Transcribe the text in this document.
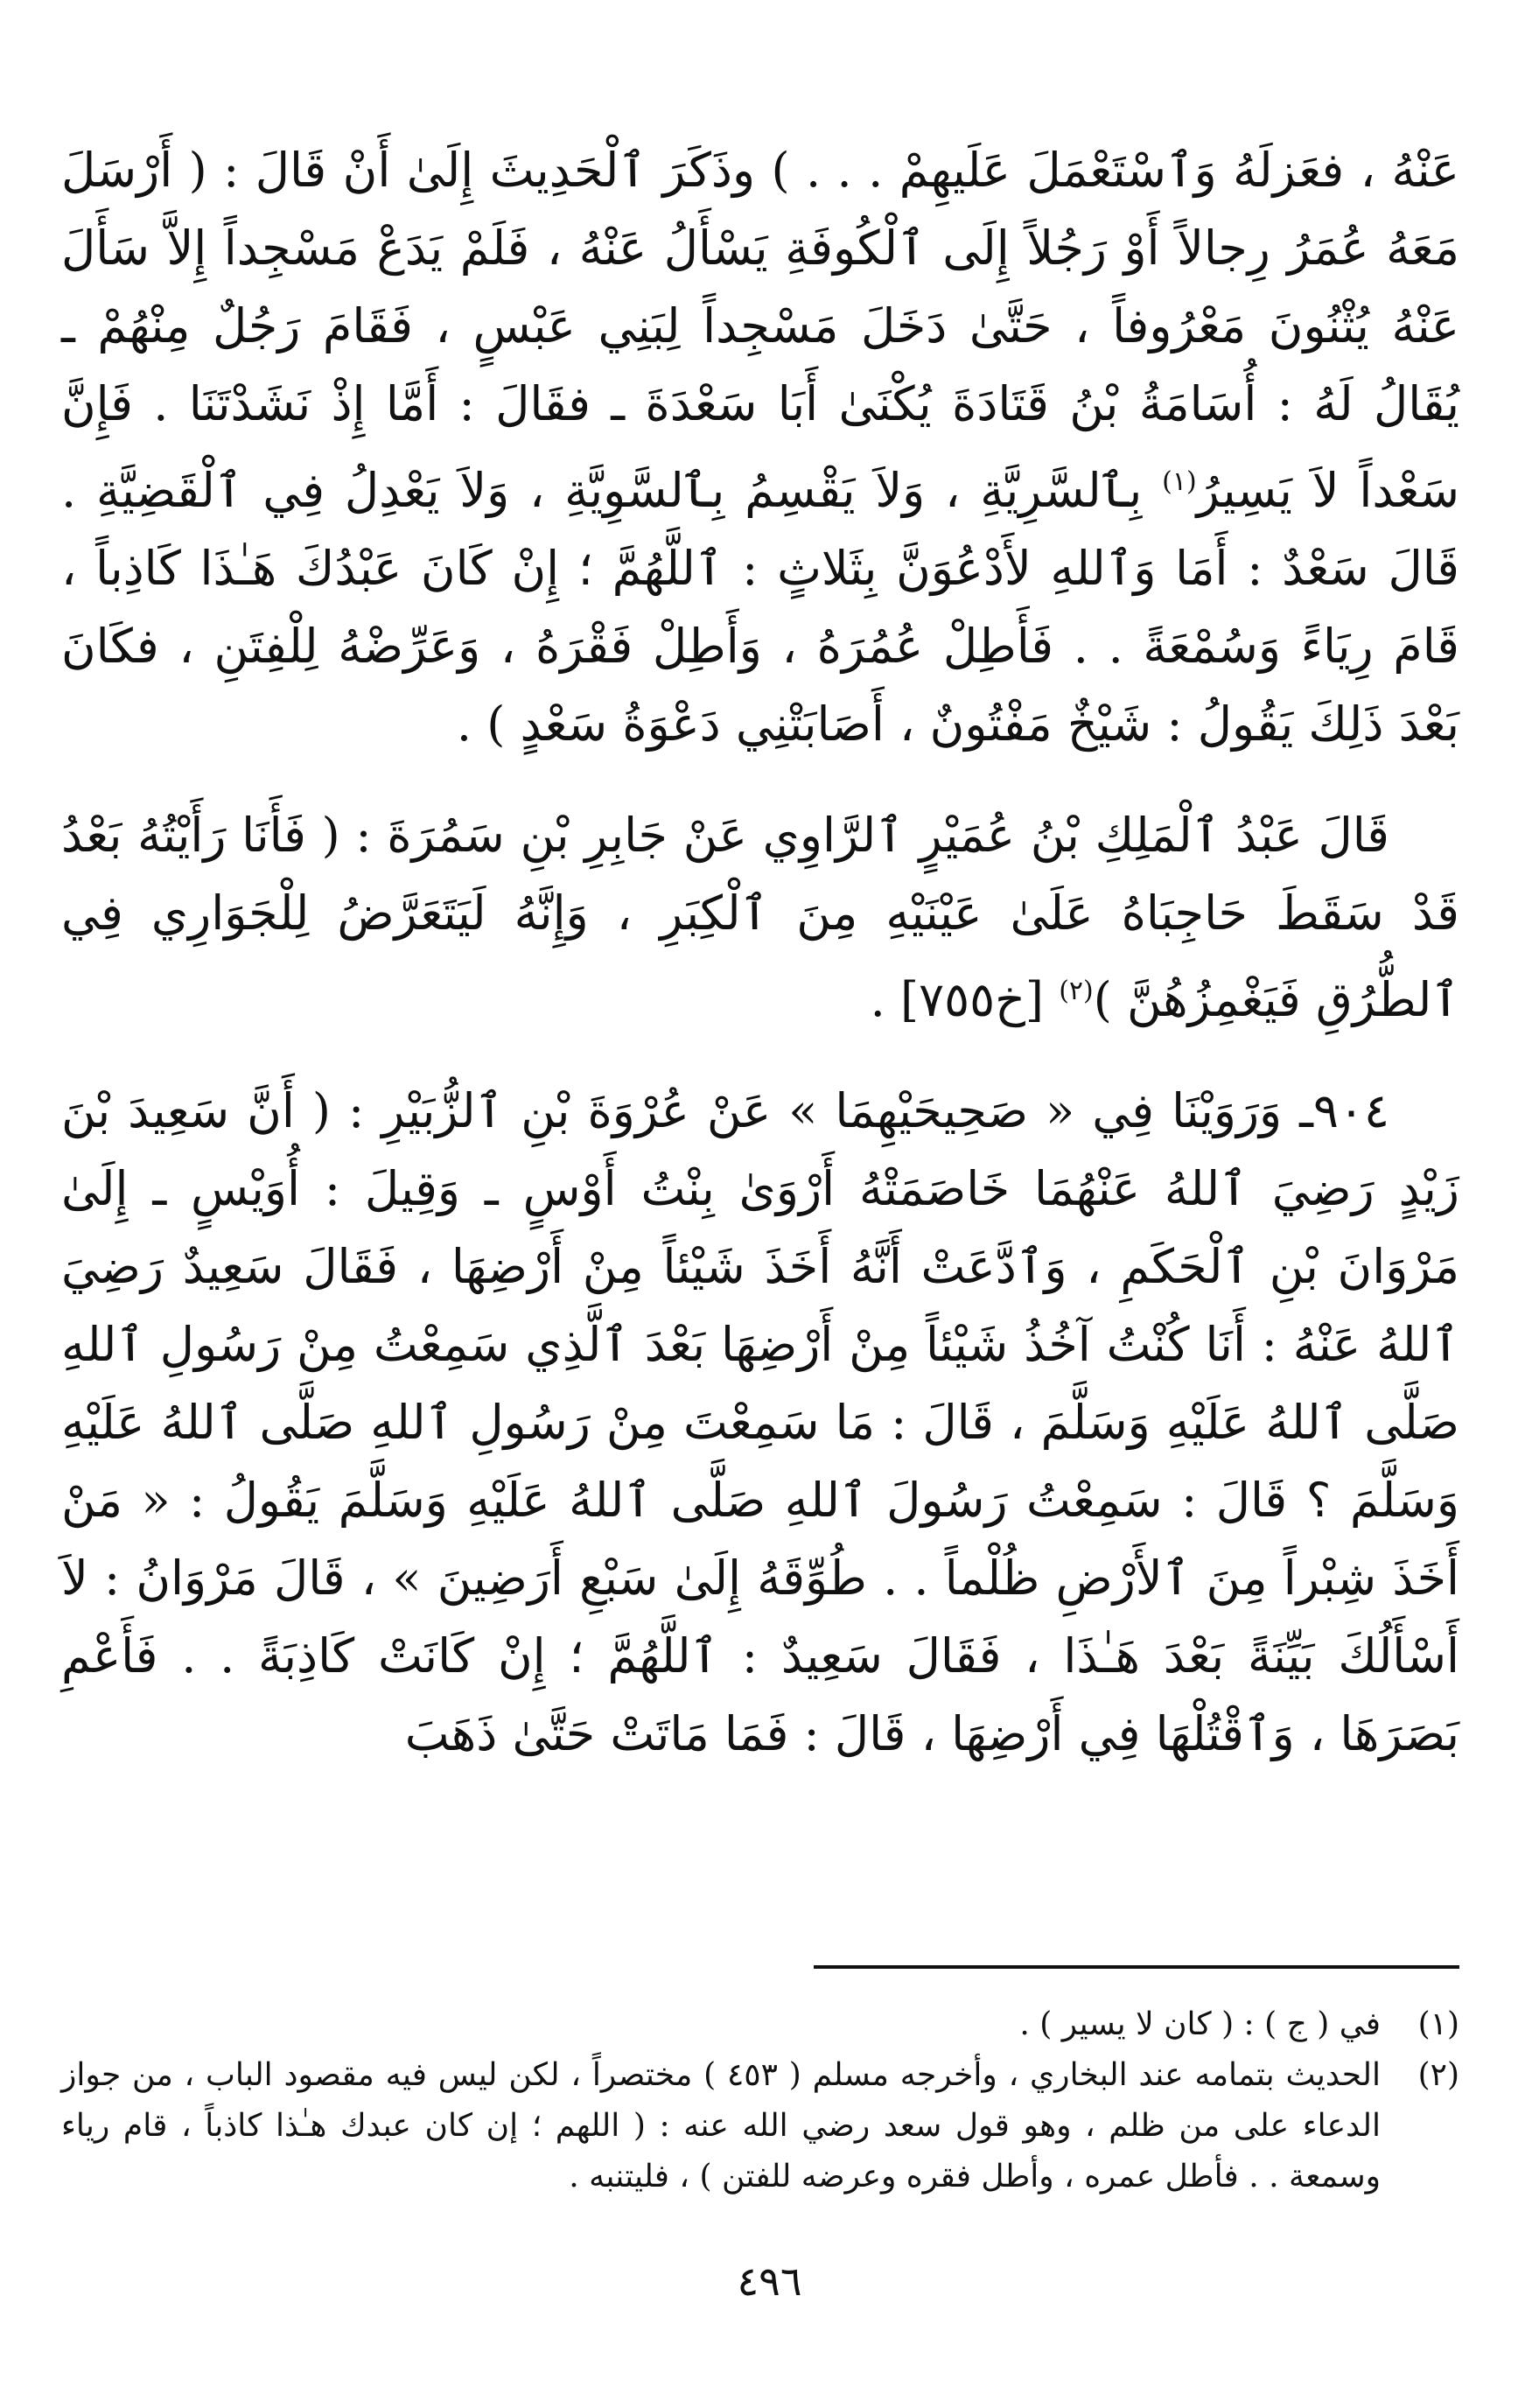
عَنْهُ ، فعَزلَهُ وَٱسْتَعْمَلَ عَلَيهِمْ . . . ) وذَكَرَ ٱلْحَدِيثَ إِلَىٰ أَنْ قَالَ : ( أَرْسَلَ مَعَهُ عُمَرُ رِجالاً أَوْ رَجُلاً إِلَى ٱلْكُوفَةِ يَسْأَلُ عَنْهُ ، فَلَمْ يَدَعْ مَسْجِداً إِلاَّ سَأَلَ عَنْهُ يُثْنُونَ مَعْرُوفاً ، حَتَّىٰ دَخَلَ مَسْجِداً لِبَنِي عَبْسٍ ، فَقَامَ رَجُلٌ مِنْهُمْ ـ يُقَالُ لَهُ : أُسَامَةُ بْنُ قَتَادَةَ يُكْنَىٰ أَبَا سَعْدَةَ ـ فقَالَ : أَمَّا إِذْ نَشَدْتَنَا . فَإِنَّ سَعْداً لاَ يَسِيرُ$^{(١)}$ بِٱلسَّرِيَّةِ ، وَلاَ يَقْسِمُ بِٱلسَّوِيَّةِ ، وَلاَ يَعْدِلُ فِي ٱلْقَضِيَّةِ . قَالَ سَعْدٌ : أَمَا وَٱللهِ لأَدْعُوَنَّ بِثَلاثٍ : ٱللَّهُمَّ ؛ إِنْ كَانَ عَبْدُكَ هَـٰذَا كَاذِباً ، قَامَ رِيَاءً وَسُمْعَةً . . فَأَطِلْ عُمُرَهُ ، وَأَطِلْ فَقْرَهُ ، وَعَرِّضْهُ لِلْفِتَنِ ، فكَانَ بَعْدَ ذَلِكَ يَقُولُ : شَيْخٌ مَفْتُونٌ ، أَصَابَتْنِي دَعْوَةُ سَعْدٍ ) .

قَالَ عَبْدُ ٱلْمَلِكِ بْنُ عُمَيْرٍ ٱلرَّاوِي عَنْ جَابِرِ بْنِ سَمُرَةَ : ( فَأَنَا رَأَيْتُهُ بَعْدُ قَدْ سَقَطَ حَاجِبَاهُ عَلَىٰ عَيْنَيْهِ مِنَ ٱلْكِبَرِ ، وَإِنَّهُ لَيَتَعَرَّضُ لِلْجَوَارِي فِي ٱلطُّرُقِ فَيَغْمِزُهُنَّ )$^{(٢)}$ [خ٧٥٥] .

٩٠٤ـ وَرَوَيْنَا فِي « صَحِيحَيْهِمَا » عَنْ عُرْوَةَ بْنِ ٱلزُّبَيْرِ : ( أَنَّ سَعِيدَ بْنَ زَيْدٍ رَضِيَ ٱللهُ عَنْهُمَا خَاصَمَتْهُ أَرْوَىٰ بِنْتُ أَوْسٍ ـ وَقِيلَ : أُوَيْسٍ ـ إِلَىٰ مَرْوَانَ بْنِ ٱلْحَكَمِ ، وَٱدَّعَتْ أَنَّهُ أَخَذَ شَيْئاً مِنْ أَرْضِهَا ، فَقَالَ سَعِيدٌ رَضِيَ ٱللهُ عَنْهُ : أَنَا كُنْتُ آخُذُ شَيْئاً مِنْ أَرْضِهَا بَعْدَ ٱلَّذِي سَمِعْتُ مِنْ رَسُولِ ٱللهِ صَلَّى ٱللهُ عَلَيْهِ وَسَلَّمَ ، قَالَ : مَا سَمِعْتَ مِنْ رَسُولِ ٱللهِ صَلَّى ٱللهُ عَلَيْهِ وَسَلَّمَ ؟ قَالَ : سَمِعْتُ رَسُولَ ٱللهِ صَلَّى ٱللهُ عَلَيْهِ وَسَلَّمَ يَقُولُ : « مَنْ أَخَذَ شِبْراً مِنَ ٱلأَرْضِ ظُلْماً . . طُوِّقَهُ إِلَىٰ سَبْعِ أَرَضِينَ » ، قَالَ مَرْوَانُ : لاَ أَسْأَلُكَ بَيِّنَةً بَعْدَ هَـٰذَا ، فَقَالَ سَعِيدٌ : ٱللَّهُمَّ ؛ إِنْ كَانَتْ كَاذِبَةً . . فَأَعْمِ بَصَرَهَا ، وَٱقْتُلْهَا فِي أَرْضِهَا ، قَالَ : فَمَا مَاتَتْ حَتَّىٰ ذَهَبَ

(١)
في ( ج ) : ( كان لا يسير ) .
(٢)
الحديث بتمامه عند البخاري ، وأخرجه مسلم ( ٤٥٣ ) مختصراً ، لكن ليس فيه مقصود الباب ، من جواز الدعاء على من ظلم ، وهو قول سعد رضي الله عنه : ( اللهم ؛ إن كان عبدك هـٰذا كاذباً ، قام رياء وسمعة . . فأطل عمره ، وأطل فقره وعرضه للفتن ) ، فليتنبه .
٤٩٦
